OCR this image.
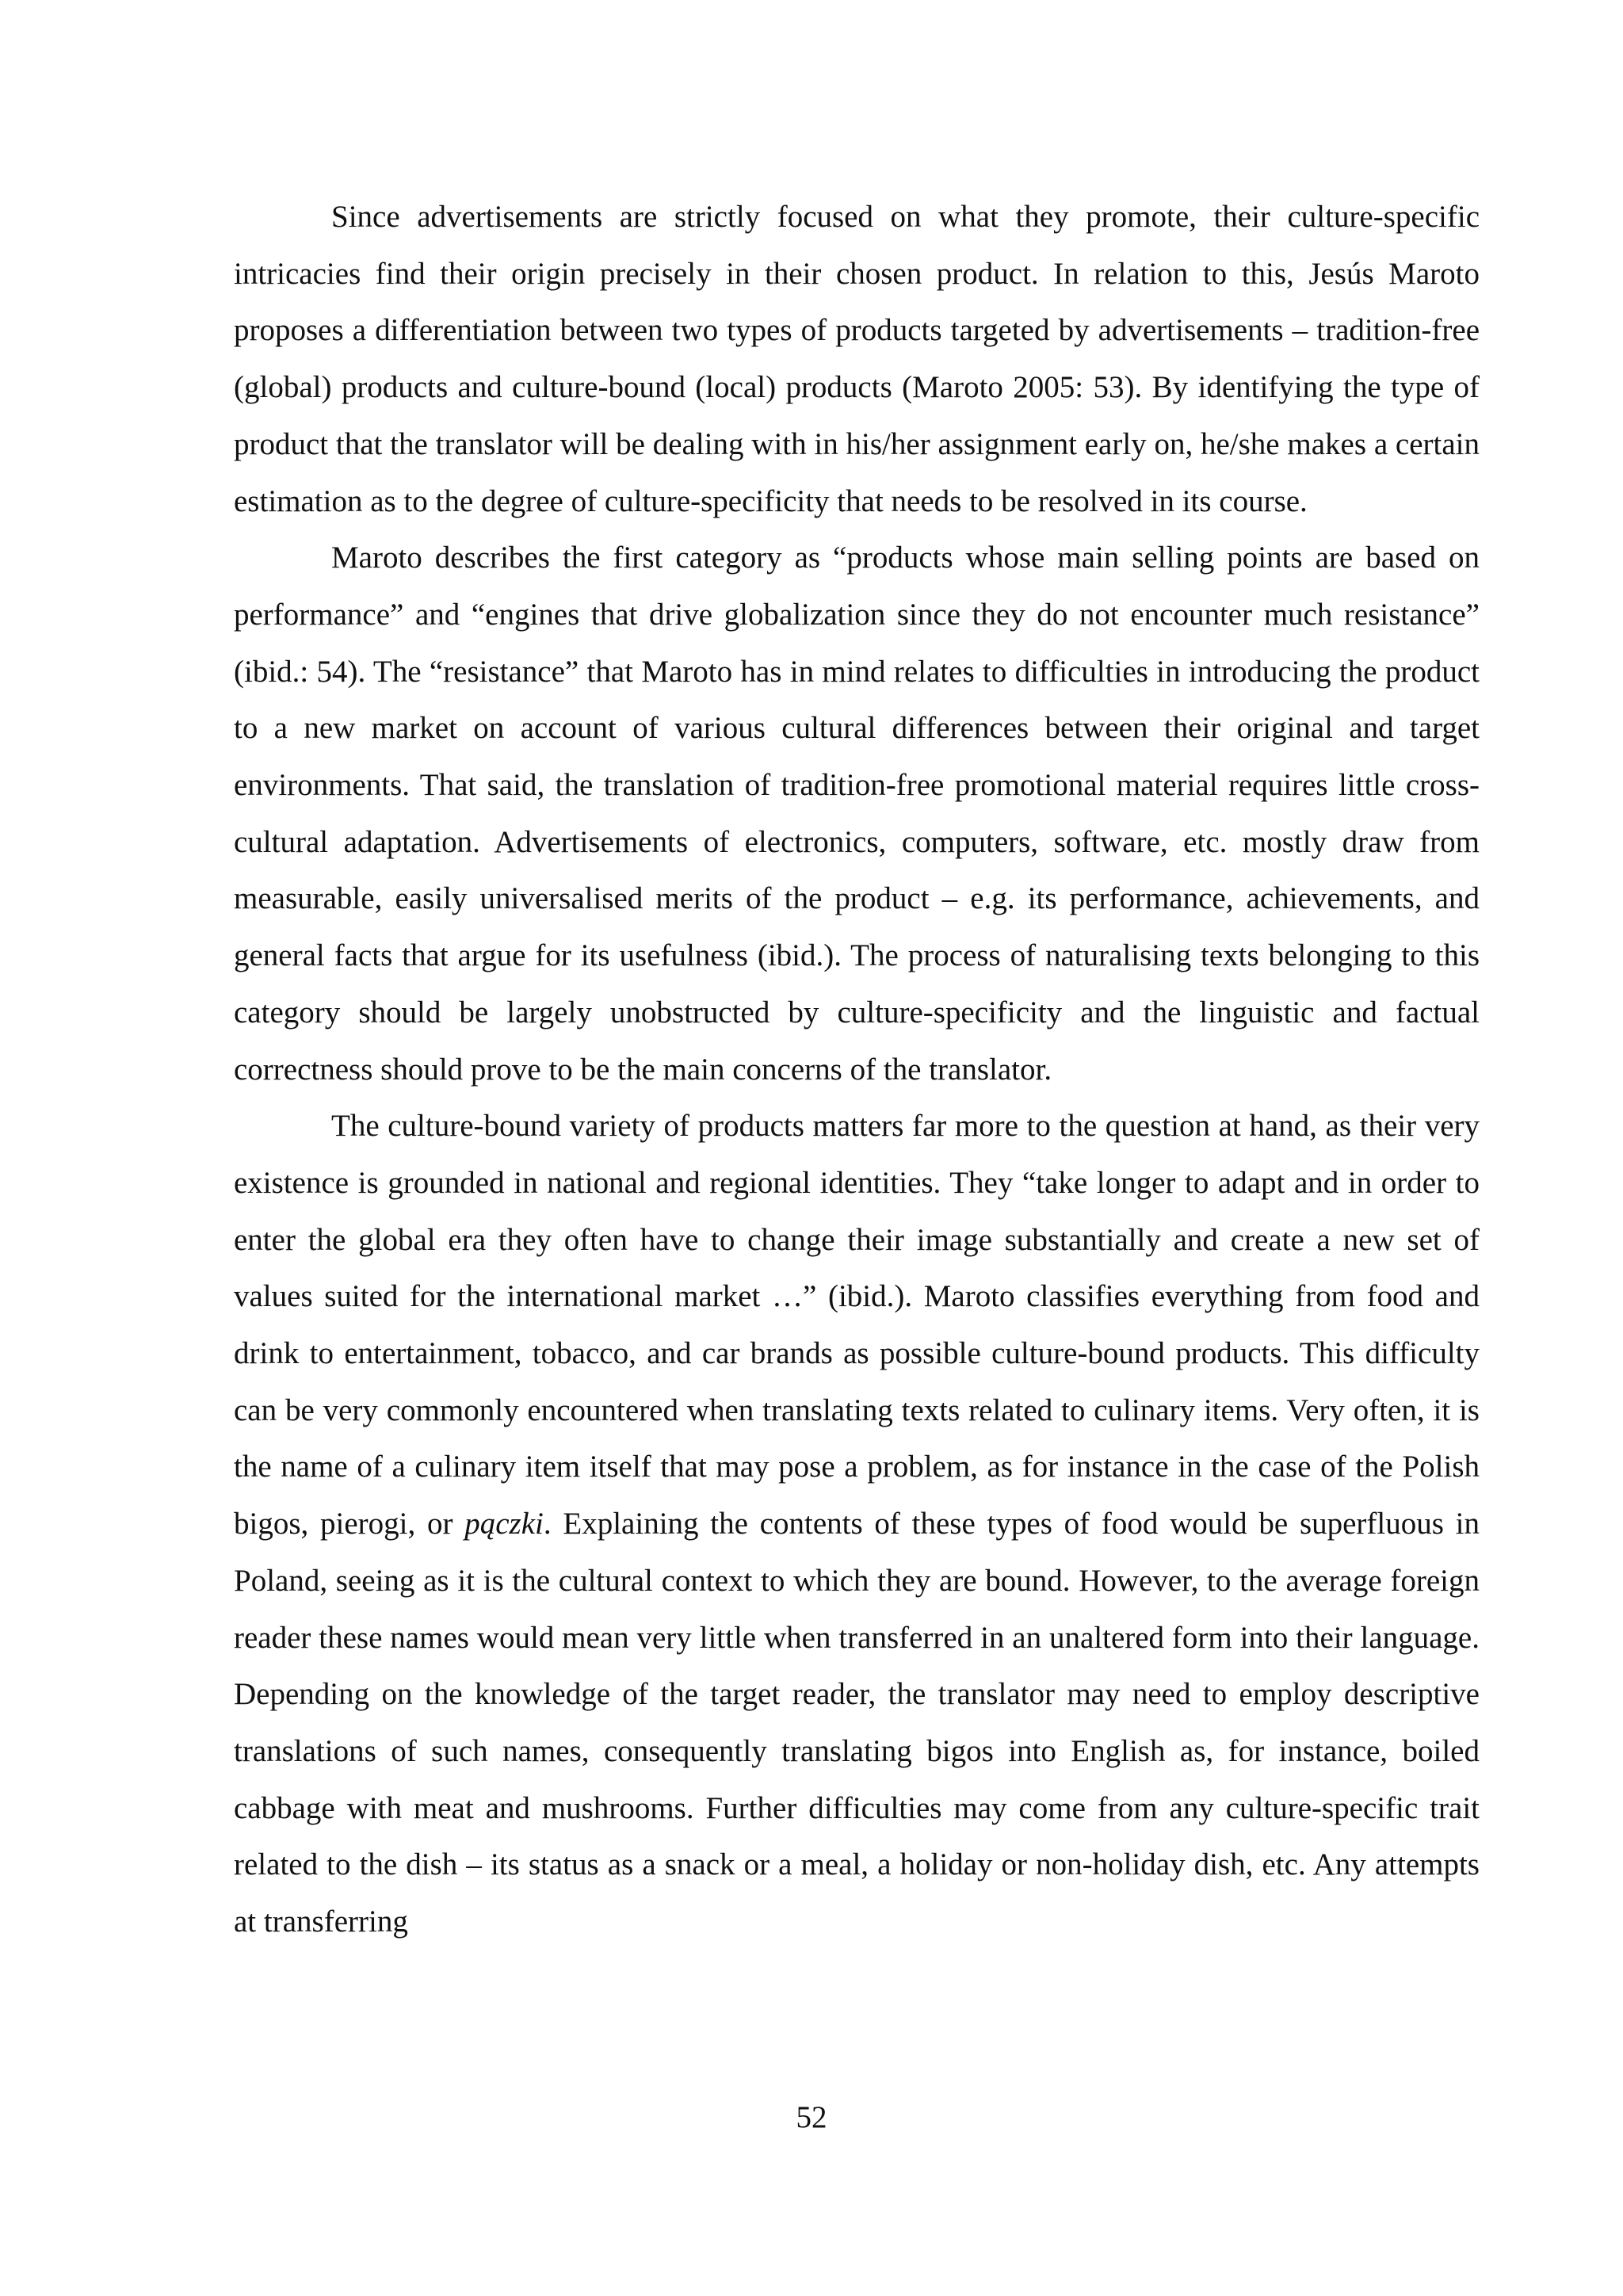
Since advertisements are strictly focused on what they promote, their culture-specific intricacies find their origin precisely in their chosen product. In relation to this, Jesús Maroto proposes a differentiation between two types of products targeted by advertisements – tradition-free (global) products and culture-bound (local) products (Maroto 2005: 53). By identifying the type of product that the translator will be dealing with in his/her assignment early on, he/she makes a certain estimation as to the degree of culture-specificity that needs to be resolved in its course.

Maroto describes the first category as “products whose main selling points are based on performance” and “engines that drive globalization since they do not encounter much resistance” (ibid.: 54). The “resistance” that Maroto has in mind relates to difficulties in introducing the product to a new market on account of various cultural differences between their original and target environments. That said, the translation of tradition-free promotional material requires little cross-cultural adaptation. Advertisements of electronics, computers, software, etc. mostly draw from measurable, easily universalised merits of the product – e.g. its performance, achievements, and general facts that argue for its usefulness (ibid.). The process of naturalising texts belonging to this category should be largely unobstructed by culture-specificity and the linguistic and factual correctness should prove to be the main concerns of the translator.

The culture-bound variety of products matters far more to the question at hand, as their very existence is grounded in national and regional identities. They “take longer to adapt and in order to enter the global era they often have to change their image substantially and create a new set of values suited for the international market …” (ibid.). Maroto classifies everything from food and drink to entertainment, tobacco, and car brands as possible culture-bound products. This difficulty can be very commonly encountered when translating texts related to culinary items. Very often, it is the name of a culinary item itself that may pose a problem, as for instance in the case of the Polish bigos, pierogi, or pączki. Explaining the contents of these types of food would be superfluous in Poland, seeing as it is the cultural context to which they are bound. However, to the average foreign reader these names would mean very little when transferred in an unaltered form into their language. Depending on the knowledge of the target reader, the translator may need to employ descriptive translations of such names, consequently translating bigos into English as, for instance, boiled cabbage with meat and mushrooms. Further difficulties may come from any culture-specific trait related to the dish – its status as a snack or a meal, a holiday or non-holiday dish, etc. Any attempts at transferring

52
